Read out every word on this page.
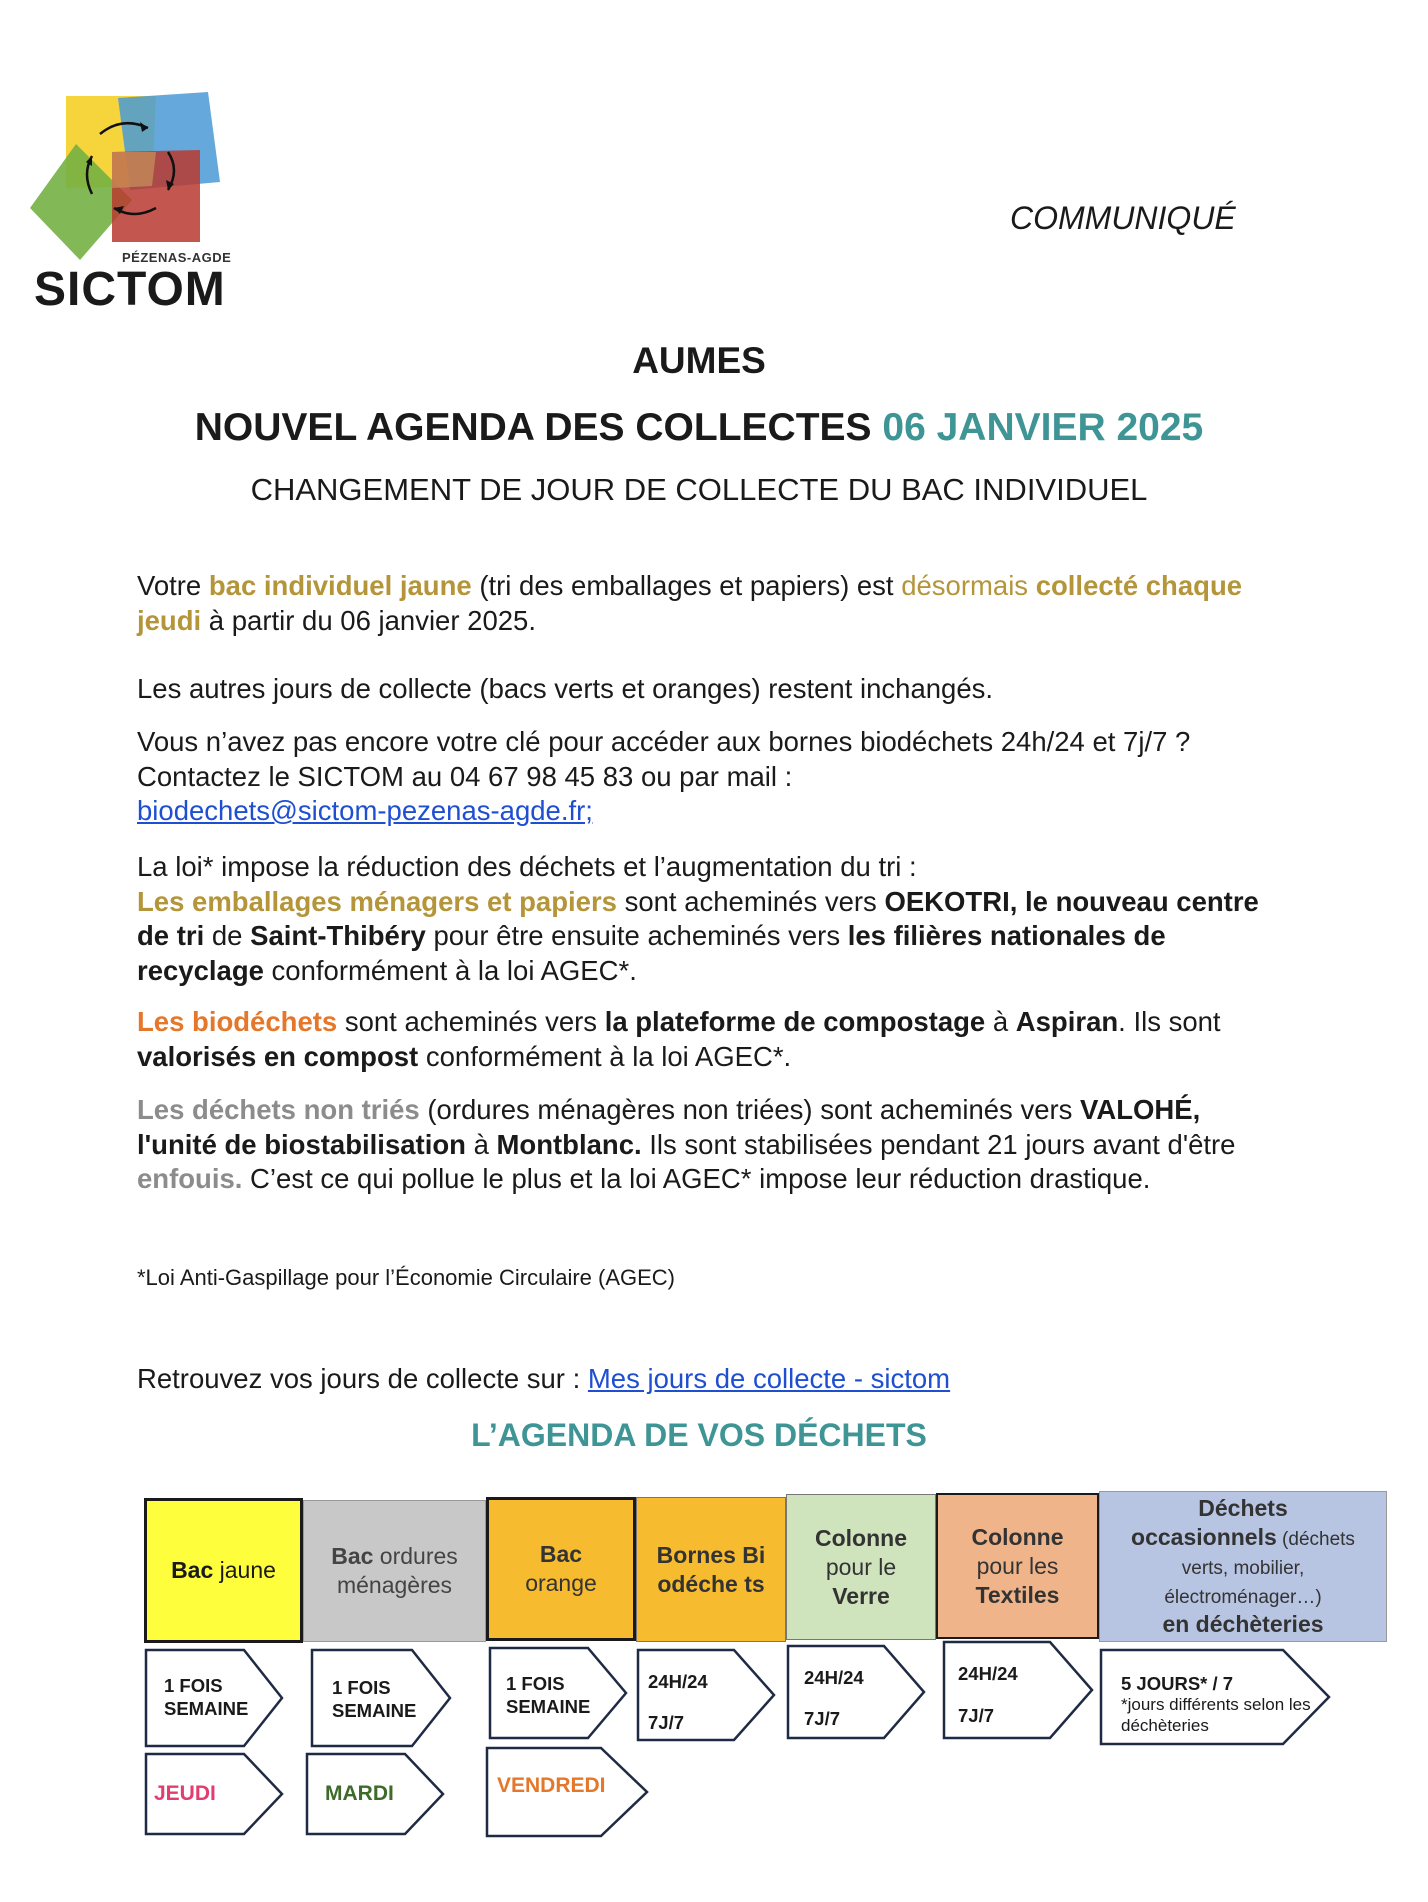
PÉZENAS-AGDE
SICTOM
COMMUNIQUÉ
AUMES
NOUVEL AGENDA DES COLLECTES 06 JANVIER 2025
CHANGEMENT DE JOUR DE COLLECTE DU BAC INDIVIDUEL
Votre bac individuel jaune (tri des emballages et papiers) est désormais collecté chaque jeudi à partir du 06 janvier 2025.
Les autres jours de collecte (bacs verts et oranges) restent inchangés.
Vous n’avez pas encore votre clé pour accéder aux bornes biodéchets 24h/24 et 7j/7 ? Contactez le SICTOM au 04 67 98 45 83 ou par mail :
biodechets@sictom-pezenas-agde.fr;
La loi* impose la réduction des déchets et l’augmentation du tri :
Les emballages ménagers et papiers sont acheminés vers OEKOTRI, le nouveau centre de tri de Saint-Thibéry pour être ensuite acheminés vers les filières nationales de recyclage conformément à la loi AGEC*.
Les biodéchets sont acheminés vers la plateforme de compostage à Aspiran. Ils sont valorisés en compost conformément à la loi AGEC*.
Les déchets non triés (ordures ménagères non triées) sont acheminés vers VALOHÉ, l'unité de biostabilisation à Montblanc. Ils sont stabilisées pendant 21 jours avant d'être enfouis. C’est ce qui pollue le plus et la loi AGEC* impose leur réduction drastique.
*Loi Anti-Gaspillage pour l’Économie Circulaire (AGEC)
Retrouvez vos jours de collecte sur : Mes jours de collecte - sictom
L’AGENDA DE VOS DÉCHETS
Bac jaune
Bac ordures ménagères
Bac
orange
Bornes Biodéche ts
Colonne
pour le
Verre
Colonne
pour les
Textiles
Déchets
occasionnels (déchets verts, mobilier, électroménager…)
en déchèteries
1 FOIS
SEMAINE
1 FOIS
SEMAINE
1 FOIS
SEMAINE
24H/24
7J/7
24H/24
7J/7
24H/24
7J/7
5 JOURS* / 7
*jours différents selon les déchèteries
JEUDI	MARDI	VENDREDI
